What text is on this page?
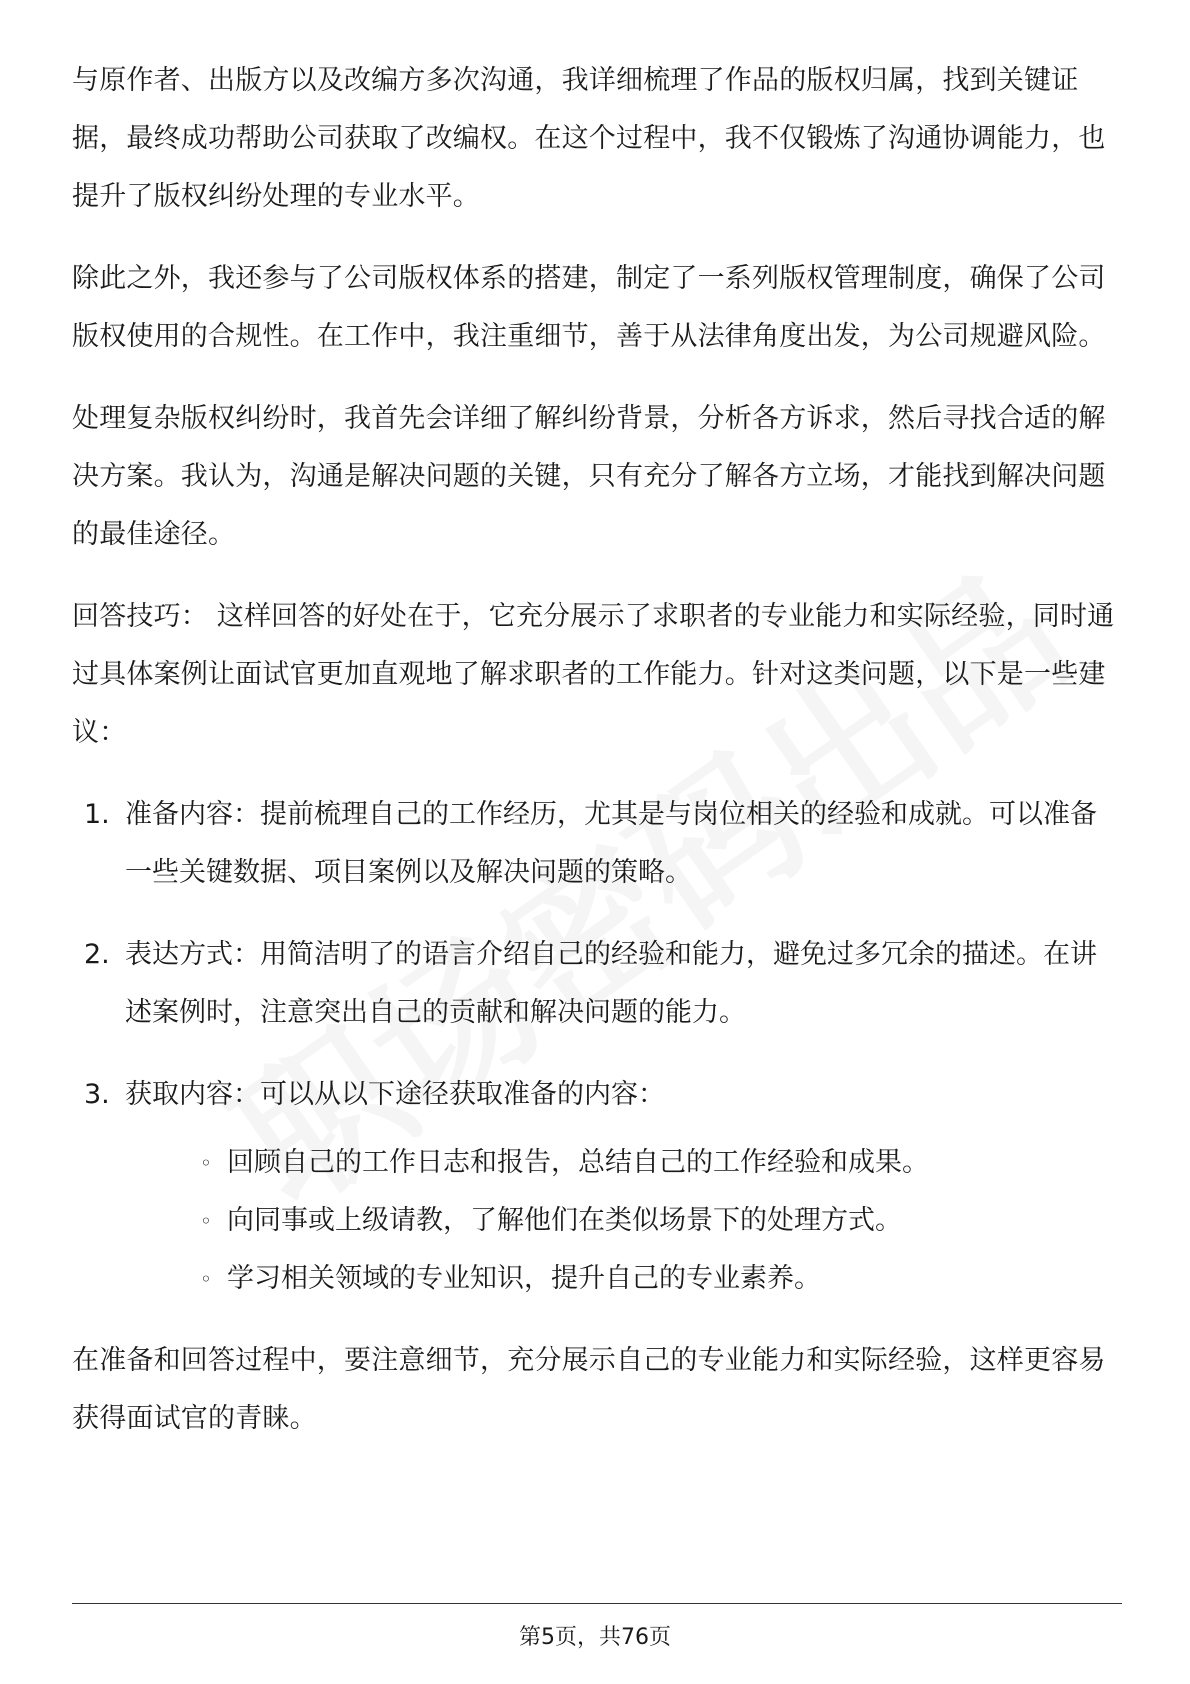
与原作者、出版方以及改编方多次沟通，我详细梳理了作品的版权归属，找到关键证据，最终成功帮助公司获取了改编权。在这个过程中，我不仅锻炼了沟通协调能力，也提升了版权纠纷处理的专业水平。

除此之外，我还参与了公司版权体系的搭建，制定了一系列版权管理制度，确保了公司版权使用的合规性。在工作中，我注重细节，善于从法律角度出发，为公司规避风险。

处理复杂版权纠纷时，我首先会详细了解纠纷背景，分析各方诉求，然后寻找合适的解决方案。我认为，沟通是解决问题的关键，只有充分了解各方立场，才能找到解决问题的最佳途径。

回答技巧： 这样回答的好处在于，它充分展示了求职者的专业能力和实际经验，同时通过具体案例让面试官更加直观地了解求职者的工作能力。针对这类问题，以下是一些建议：

1. 准备内容：提前梳理自己的工作经历，尤其是与岗位相关的经验和成就。可以准备一些关键数据、项目案例以及解决问题的策略。
2. 表达方式：用简洁明了的语言介绍自己的经验和能力，避免过多冗余的描述。在讲述案例时，注意突出自己的贡献和解决问题的能力。
3. 获取内容：可以从以下途径获取准备的内容：
◦ 回顾自己的工作日志和报告，总结自己的工作经验和成果。
◦ 向同事或上级请教，了解他们在类似场景下的处理方式。
◦ 学习相关领域的专业知识，提升自己的专业素养。

在准备和回答过程中，要注意细节，充分展示自己的专业能力和实际经验，这样更容易获得面试官的青睐。

第5页，共76页
